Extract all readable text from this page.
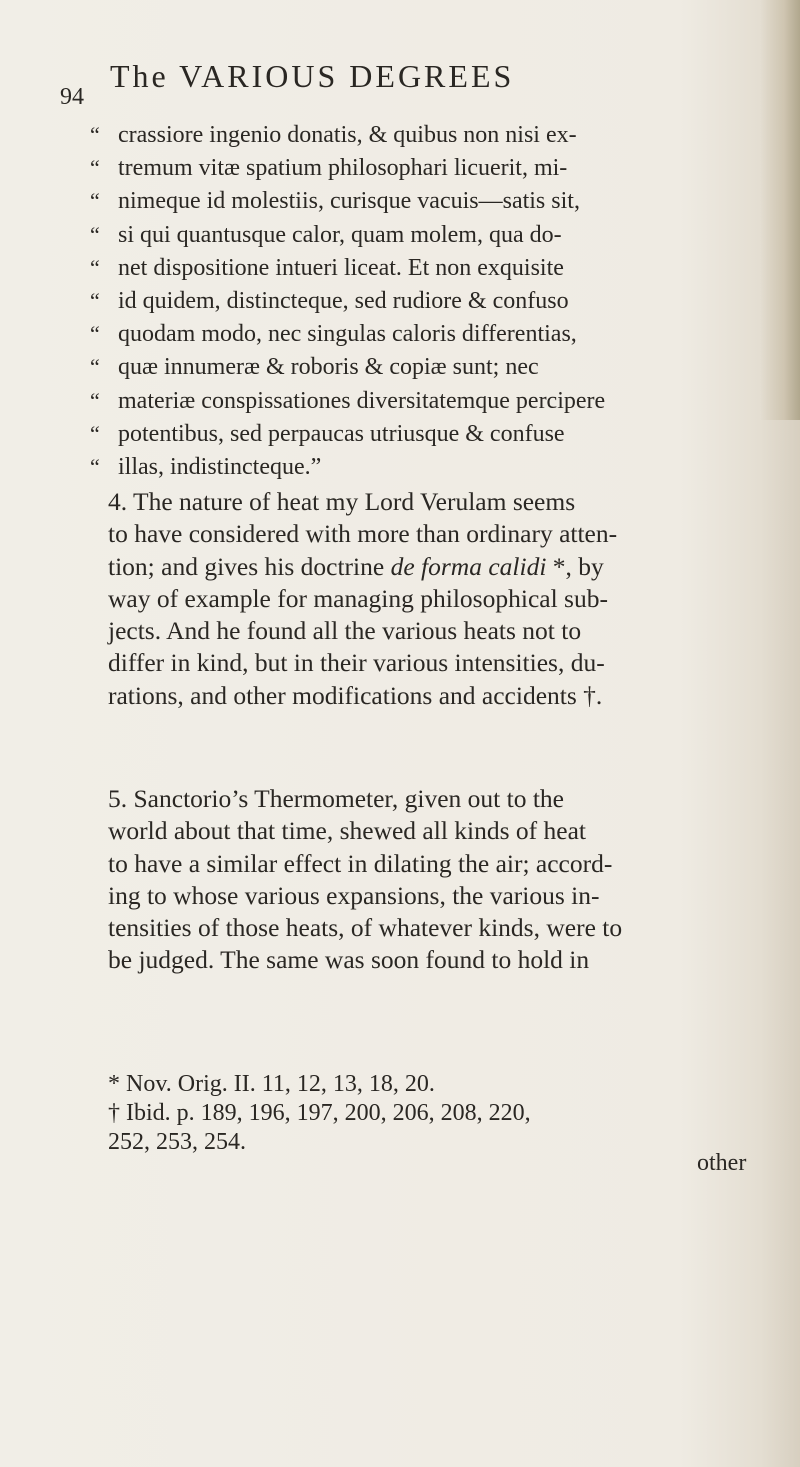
94
The VARIOUS DEGREES
“ crassiore ingenio donatis, & quibus non nisi ex-
“ tremum vitæ spatium philosophari licuerit, mi-
“ nimeque id molestiis, curisque vacuis—satis sit,
“ si qui quantusque calor, quam molem, qua do-
“ net dispositione intueri liceat. Et non exquisite
“ id quidem, distincteque, sed rudiore & confuso
“ quodam modo, nec singulas caloris differentias,
“ quæ innumeræ & roboris & copiæ sunt; nec
“ materiæ conspissationes diversitatemque percipere
“ potentibus, sed perpaucas utriusque & confuse
“ illas, indistincteque.”
4. The nature of heat my Lord Verulam seems
to have considered with more than ordinary atten-
tion; and gives his doctrine de forma calidi *, by
way of example for managing philosophical sub-
jects. And he found all the various heats not to
differ in kind, but in their various intensities, du-
rations, and other modifications and accidents †.
5. Sanctorio’s Thermometer, given out to the
world about that time, shewed all kinds of heat
to have a similar effect in dilating the air; accord-
ing to whose various expansions, the various in-
tensities of those heats, of whatever kinds, were to
be judged. The same was soon found to hold in
* Nov. Orig. II. 11, 12, 13, 18, 20.
† Ibid. p. 189, 196, 197, 200, 206, 208, 220,
252, 253, 254.
other
